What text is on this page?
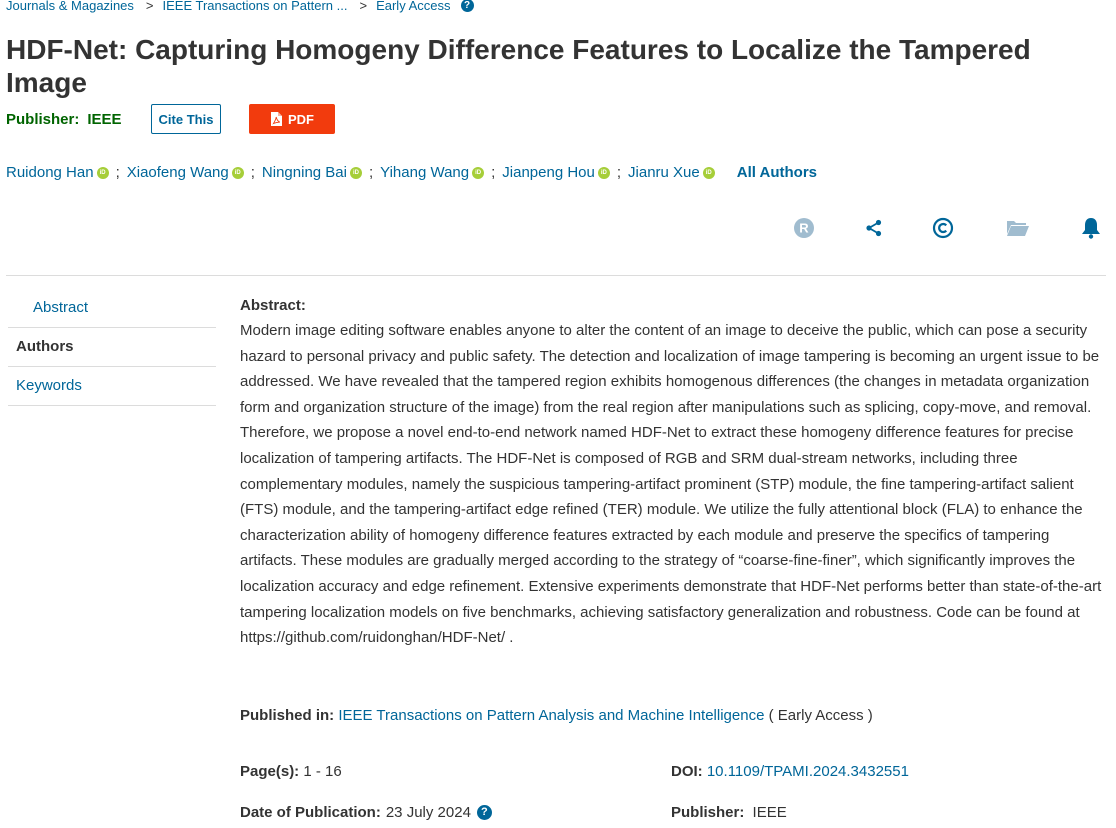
Journals & Magazines > IEEE Transactions on Pattern ... > Early Access	?
HDF-Net: Capturing Homogeny Difference Features to Localize the Tampered Image
Publisher: IEEE	Cite This	PDF
Ruidong Han	iD ; Xiaofeng Wang	iD ; Ningning Bai	iD ; Yihang Wang	iD ; Jianpeng Hou	iD ; Jianru Xue	iD All Authors
R
Abstract
Authors
Keywords
Abstract:

Modern image editing software enables anyone to alter the content of an image to deceive the public, which can pose a security hazard to personal privacy and public safety. The detection and localization of image tampering is becoming an urgent issue to be addressed. We have revealed that the tampered region exhibits homogenous differences (the changes in metadata organization form and organization structure of the image) from the real region after manipulations such as splicing, copy-move, and removal. Therefore, we propose a novel end-to-end network named HDF-Net to extract these homogeny difference features for precise localization of tampering artifacts. The HDF-Net is composed of RGB and SRM dual-stream networks, including three complementary modules, namely the suspicious tampering-artifact prominent (STP) module, the fine tampering-artifact salient (FTS) module, and the tampering-artifact edge refined (TER) module. We utilize the fully attentional block (FLA) to enhance the characterization ability of homogeny difference features extracted by each module and preserve the specifics of tampering artifacts. These modules are gradually merged according to the strategy of “coarse-fine-finer”, which significantly improves the localization accuracy and edge refinement. Extensive experiments demonstrate that HDF-Net performs better than state-of-the-art tampering localization models on five benchmarks, achieving satisfactory generalization and robustness. Code can be found at https://github.com/ruidonghan/HDF-Net/ .

Published in: IEEE Transactions on Pattern Analysis and Machine Intelligence ( Early Access )
Page(s): 1 - 16	DOI: 10.1109/TPAMI.2024.3432551
Date of Publication: 23 July 2024 ?	Publisher: IEEE
